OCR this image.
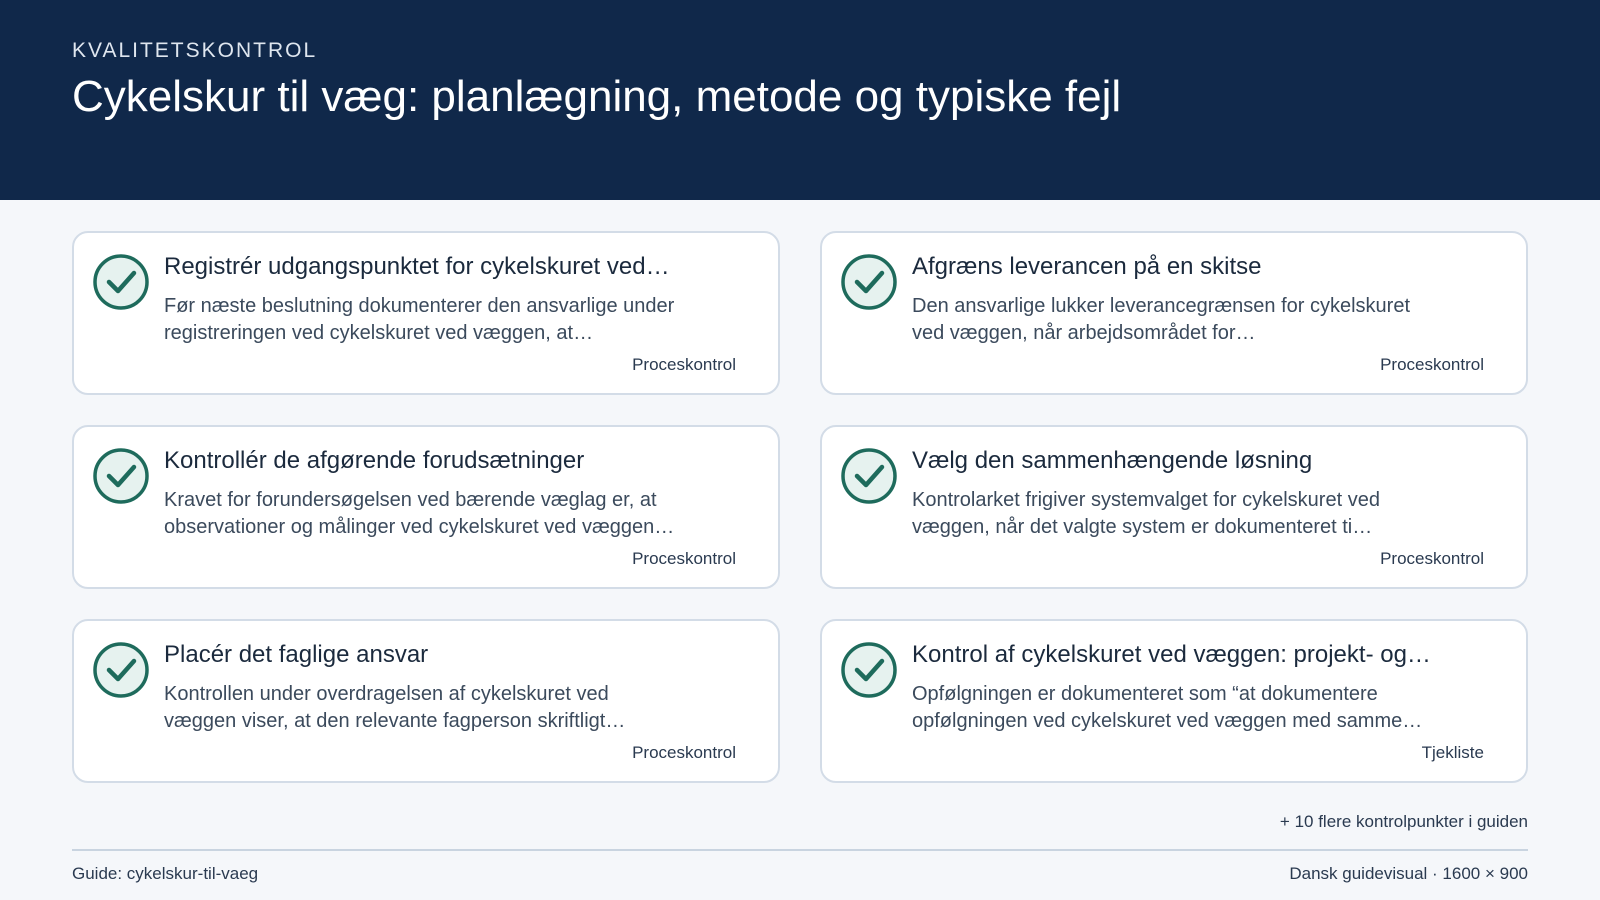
KVALITETSKONTROL

Cykelskur til væg: planlægning, metode og typiske fejl
Registrér udgangspunktet for cykelskuret ved…
Før næste beslutning dokumenterer den ansvarlige under registreringen ved cykelskuret ved væggen, at…
Proceskontrol
Afgræns leverancen på en skitse
Den ansvarlige lukker leverancegrænsen for cykelskuret ved væggen, når arbejdsområdet for…
Proceskontrol
Kontrollér de afgørende forudsætninger
Kravet for forundersøgelsen ved bærende væglag er, at observationer og målinger ved cykelskuret ved væggen…
Proceskontrol
Vælg den sammenhængende løsning
Kontrolarket frigiver systemvalget for cykelskuret ved væggen, når det valgte system er dokumenteret ti…
Proceskontrol
Placér det faglige ansvar
Kontrollen under overdragelsen af cykelskuret ved væggen viser, at den relevante fagperson skriftligt…
Proceskontrol
Kontrol af cykelskuret ved væggen: projekt- og…
Opfølgningen er dokumenteret som “at dokumentere opfølgningen ved cykelskuret ved væggen med samme…
Tjekliste
+ 10 flere kontrolpunkter i guiden
Guide: cykelskur-til-vaeg	Dansk guidevisual · 1600 × 900
